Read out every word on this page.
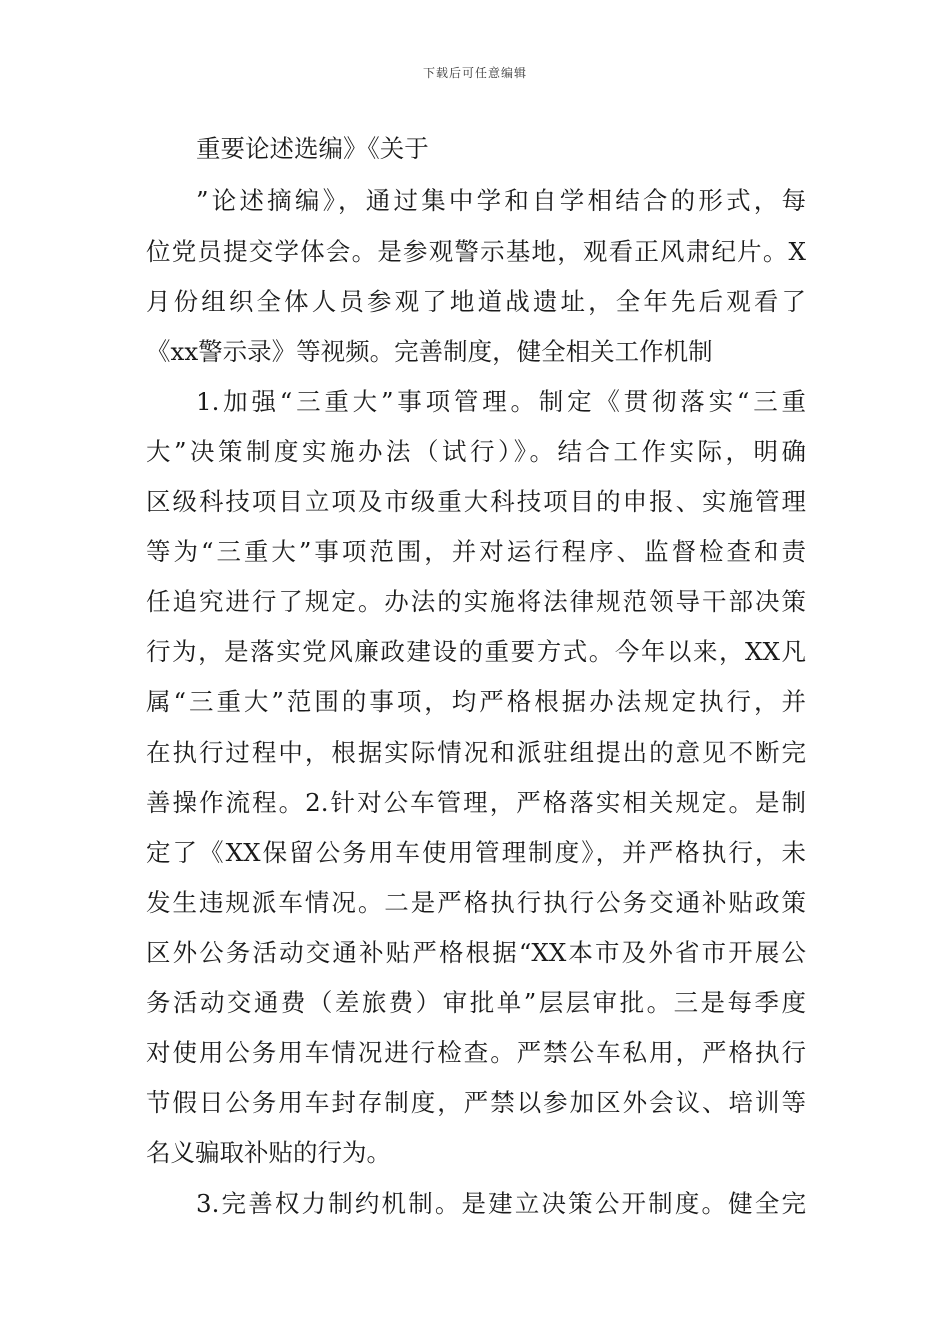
下载后可任意编辑
重要论述选编》《关于
”论述摘编》，通过集中学和自学相结合的形式，每
位党员提交学体会。是参观警示基地，观看正风肃纪片。X
月份组织全体人员参观了地道战遗址，全年先后观看了
《xx警示录》等视频。完善制度，健全相关工作机制
1.加强“三重大”事项管理。制定《贯彻落实“三重
大”决策制度实施办法（试行）》。结合工作实际，明确
区级科技项目立项及市级重大科技项目的申报、实施管理
等为“三重大”事项范围，并对运行程序、监督检查和责
任追究进行了规定。办法的实施将法律规范领导干部决策
行为，是落实党风廉政建设的重要方式。今年以来，XX凡
属“三重大”范围的事项，均严格根据办法规定执行，并
在执行过程中，根据实际情况和派驻组提出的意见不断完
善操作流程。2.针对公车管理，严格落实相关规定。是制
定了《XX保留公务用车使用管理制度》，并严格执行，未
发生违规派车情况。二是严格执行执行公务交通补贴政策
区外公务活动交通补贴严格根据“XX本市及外省市开展公
务活动交通费（差旅费）审批单”层层审批。三是每季度
对使用公务用车情况进行检查。严禁公车私用，严格执行
节假日公务用车封存制度，严禁以参加区外会议、培训等
名义骗取补贴的行为。
3.完善权力制约机制。是建立决策公开制度。健全完
